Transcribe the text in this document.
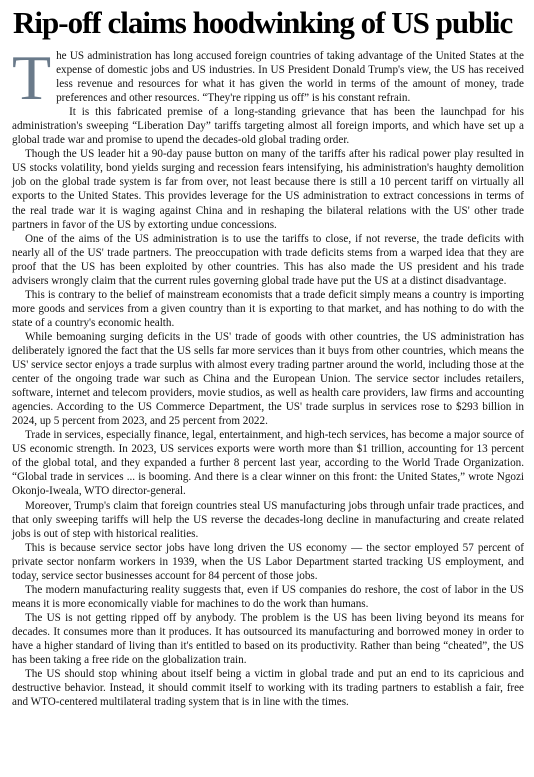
Rip-off claims hoodwinking of US public

The US administration has long accused foreign countries of taking advantage of the United States at the expense of domestic jobs and US industries. In US President Donald Trump's view, the US has received less revenue and resources for what it has given the world in terms of the amount of money, trade preferences and other resources. “They're ripping us off” is his constant refrain.

It is this fabricated premise of a long-standing grievance that has been the launchpad for his administration's sweeping “Liberation Day” tariffs targeting almost all foreign imports, and which have set up a global trade war and promise to upend the decades-old global trading order.

Though the US leader hit a 90-day pause button on many of the tariffs after his radical power play resulted in US stocks volatility, bond yields surging and recession fears intensifying, his administration's haughty demolition job on the global trade system is far from over, not least because there is still a 10 percent tariff on virtually all exports to the United States. This provides leverage for the US administration to extract concessions in terms of the real trade war it is waging against China and in reshaping the bilateral relations with the US' other trade partners in favor of the US by extorting undue concessions.

One of the aims of the US administration is to use the tariffs to close, if not reverse, the trade deficits with nearly all of the US' trade partners. The preoccupation with trade deficits stems from a warped idea that they are proof that the US has been exploited by other countries. This has also made the US president and his trade advisers wrongly claim that the current rules governing global trade have put the US at a distinct disadvantage.

This is contrary to the belief of mainstream economists that a trade deficit simply means a country is importing more goods and services from a given country than it is exporting to that market, and has nothing to do with the state of a country's economic health.

While bemoaning surging deficits in the US' trade of goods with other countries, the US administration has deliberately ignored the fact that the US sells far more services than it buys from other countries, which means the US' service sector enjoys a trade surplus with almost every trading partner around the world, including those at the center of the ongoing trade war such as China and the European Union. The service sector includes retailers, software, internet and telecom providers, movie studios, as well as health care providers, law firms and accounting agencies. According to the US Commerce Department, the US' trade surplus in services rose to $293 billion in 2024, up 5 percent from 2023, and 25 percent from 2022.

Trade in services, especially finance, legal, entertainment, and high-tech services, has become a major source of US economic strength. In 2023, US services exports were worth more than $1 trillion, accounting for 13 percent of the global total, and they expanded a further 8 percent last year, according to the World Trade Organization. “Global trade in services ... is booming. And there is a clear winner on this front: the United States,” wrote Ngozi Okonjo-Iweala, WTO director-general.

Moreover, Trump's claim that foreign countries steal US manufacturing jobs through unfair trade practices, and that only sweeping tariffs will help the US reverse the decades-long decline in manufacturing and create related jobs is out of step with historical realities.

This is because service sector jobs have long driven the US economy — the sector employed 57 percent of private sector nonfarm workers in 1939, when the US Labor Department started tracking US employment, and today, service sector businesses account for 84 percent of those jobs.

The modern manufacturing reality suggests that, even if US companies do reshore, the cost of labor in the US means it is more economically viable for machines to do the work than humans.

The US is not getting ripped off by anybody. The problem is the US has been living beyond its means for decades. It consumes more than it produces. It has outsourced its manufacturing and borrowed money in order to have a higher standard of living than it's entitled to based on its productivity. Rather than being “cheated”, the US has been taking a free ride on the globalization train.

The US should stop whining about itself being a victim in global trade and put an end to its capricious and destructive behavior. Instead, it should commit itself to working with its trading partners to establish a fair, free and WTO-centered multilateral trading system that is in line with the times.
